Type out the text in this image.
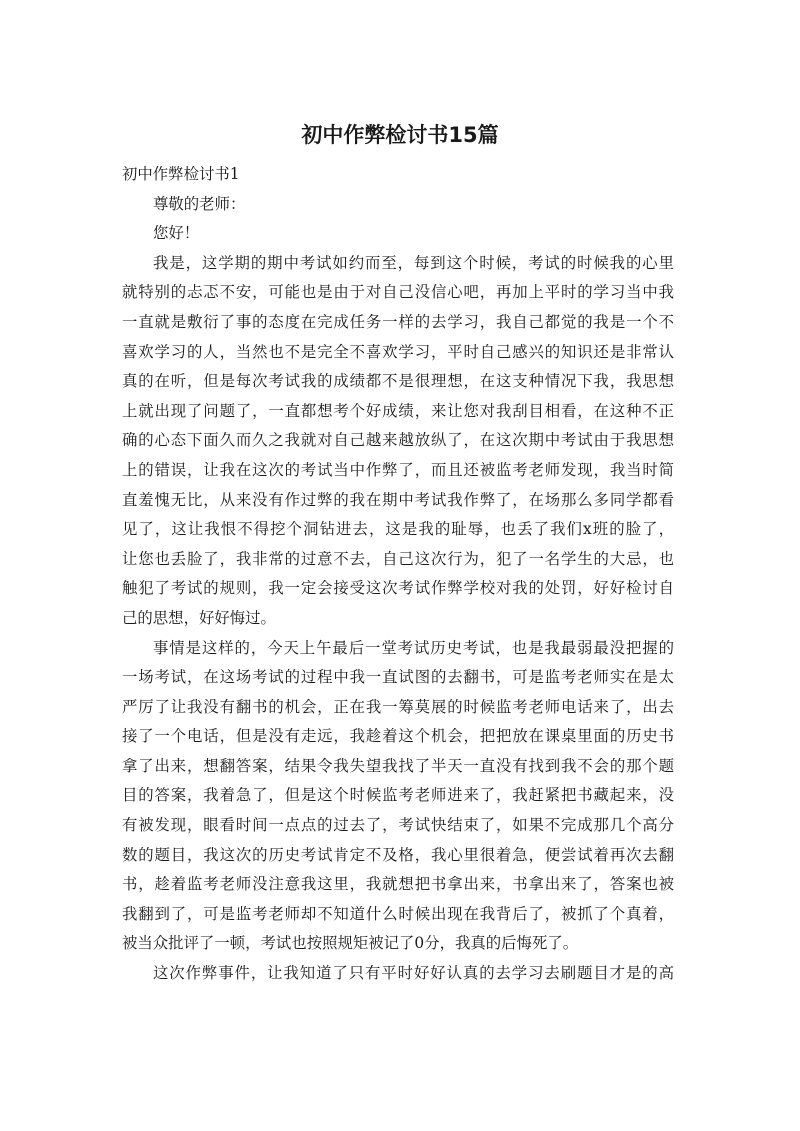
初中作弊检讨书15篇

初中作弊检讨书1

尊敬的老师：

您好！

我是，这学期的期中考试如约而至，每到这个时候，考试的时候我的心里

就特别的忐忑不安，可能也是由于对自己没信心吧，再加上平时的学习当中我

一直就是敷衍了事的态度在完成任务一样的去学习，我自己都觉的我是一个不

喜欢学习的人，当然也不是完全不喜欢学习，平时自己感兴的知识还是非常认

真的在听，但是每次考试我的成绩都不是很理想，在这支种情况下我，我思想

上就出现了问题了，一直都想考个好成绩，来让您对我刮目相看，在这种不正

确的心态下面久而久之我就对自己越来越放纵了，在这次期中考试由于我思想

上的错误，让我在这次的考试当中作弊了，而且还被监考老师发现，我当时简

直羞愧无比，从来没有作过弊的我在期中考试我作弊了，在场那么多同学都看

见了，这让我恨不得挖个洞钻进去，这是我的耻辱，也丢了我们x班的脸了，

让您也丢脸了，我非常的过意不去，自己这次行为，犯了一名学生的大忌，也

触犯了考试的规则，我一定会接受这次考试作弊学校对我的处罚，好好检讨自

己的思想，好好悔过。

事情是这样的，今天上午最后一堂考试历史考试，也是我最弱最没把握的

一场考试，在这场考试的过程中我一直试图的去翻书，可是监考老师实在是太

严厉了让我没有翻书的机会，正在我一筹莫展的时候监考老师电话来了，出去

接了一个电话，但是没有走远，我趁着这个机会，把把放在课桌里面的历史书

拿了出来，想翻答案，结果令我失望我找了半天一直没有找到我不会的那个题

目的答案，我着急了，但是这个时候监考老师进来了，我赶紧把书藏起来，没

有被发现，眼看时间一点点的过去了，考试快结束了，如果不完成那几个高分

数的题目，我这次的历史考试肯定不及格，我心里很着急，便尝试着再次去翻

书，趁着监考老师没注意我这里，我就想把书拿出来，书拿出来了，答案也被

我翻到了，可是监考老师却不知道什么时候出现在我背后了，被抓了个真着，

被当众批评了一顿，考试也按照规矩被记了0分，我真的后悔死了。

这次作弊事件，让我知道了只有平时好好认真的去学习去刷题目才是的高
